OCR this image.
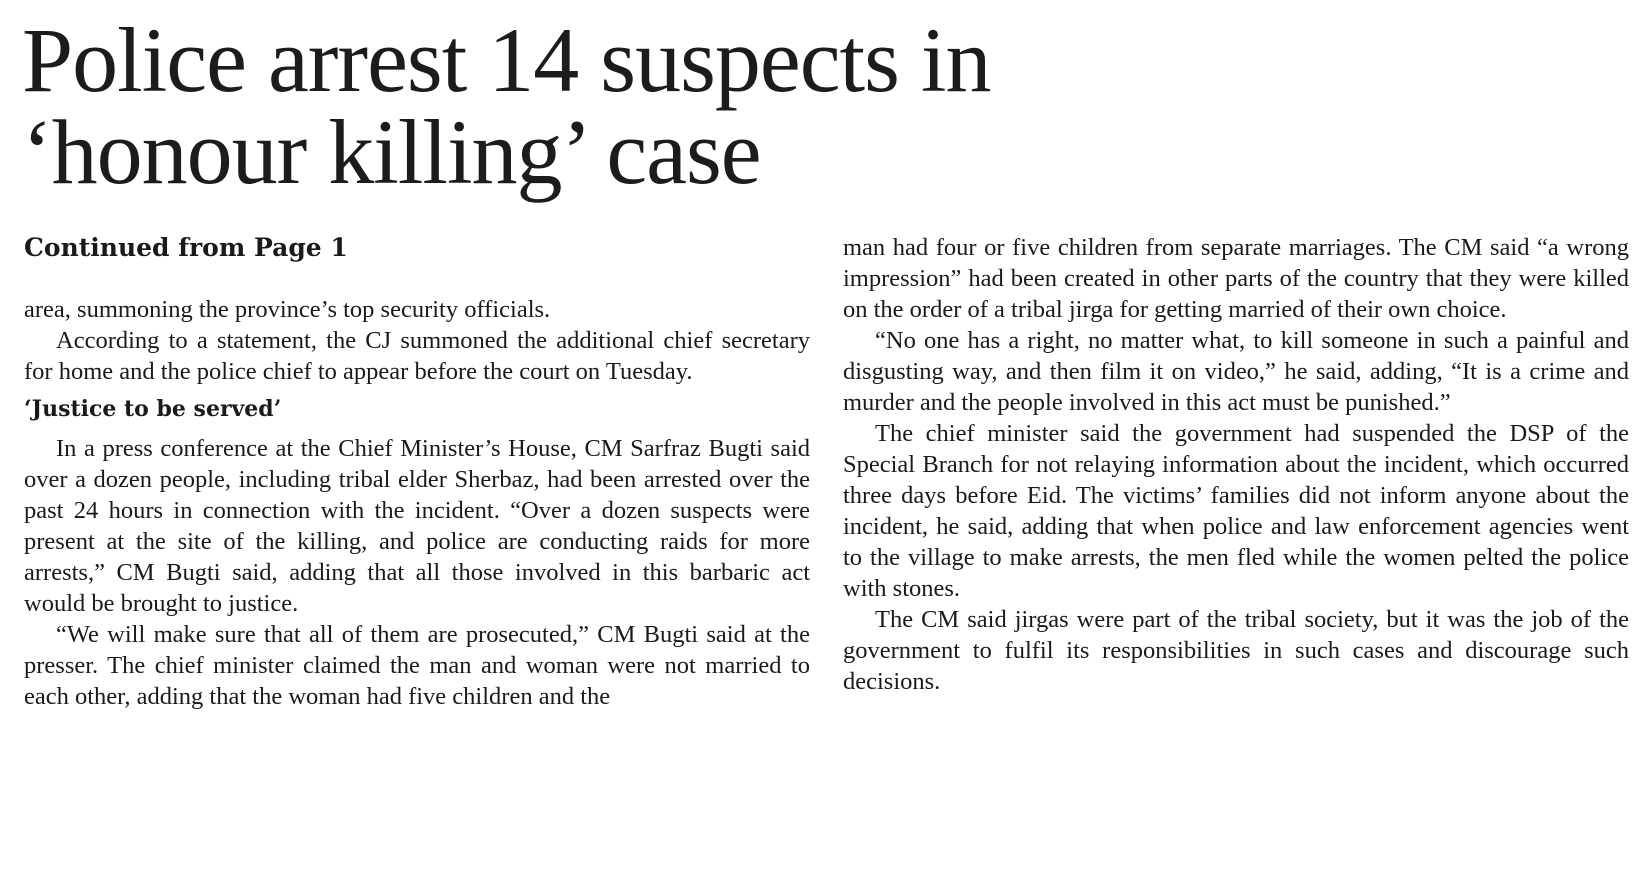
Police arrest 14 suspects in
‘honour killing’ case
Continued from Page 1

area, summoning the province’s top security officials.

According to a statement, the CJ summoned the additional chief secretary for home and the police chief to appear before the court on Tuesday.

‘Justice to be served’

In a press conference at the Chief Minister’s House, CM Sarfraz Bugti said over a dozen people, including tribal elder Sherbaz, had been arrested over the past 24 hours in connection with the incident. “Over a dozen suspects were present at the site of the killing, and police are conducting raids for more arrests,” CM Bugti said, adding that all those involved in this barbaric act would be brought to justice.

“We will make sure that all of them are prosecuted,” CM Bugti said at the presser. The chief minister claimed the man and woman were not married to each other, adding that the woman had five children and the

man had four or five children from separate marriages. The CM said “a wrong impression” had been created in other parts of the country that they were killed on the order of a tribal jirga for getting married of their own choice.

“No one has a right, no matter what, to kill someone in such a painful and disgusting way, and then film it on video,” he said, adding, “It is a crime and murder and the people involved in this act must be punished.”

The chief minister said the government had suspended the DSP of the Special Branch for not relaying information about the incident, which occurred three days before Eid. The victims’ families did not inform anyone about the incident, he said, adding that when police and law enforcement agencies went to the village to make arrests, the men fled while the women pelted the police with stones.

The CM said jirgas were part of the tribal society, but it was the job of the government to fulfil its responsibilities in such cases and discourage such decisions.
